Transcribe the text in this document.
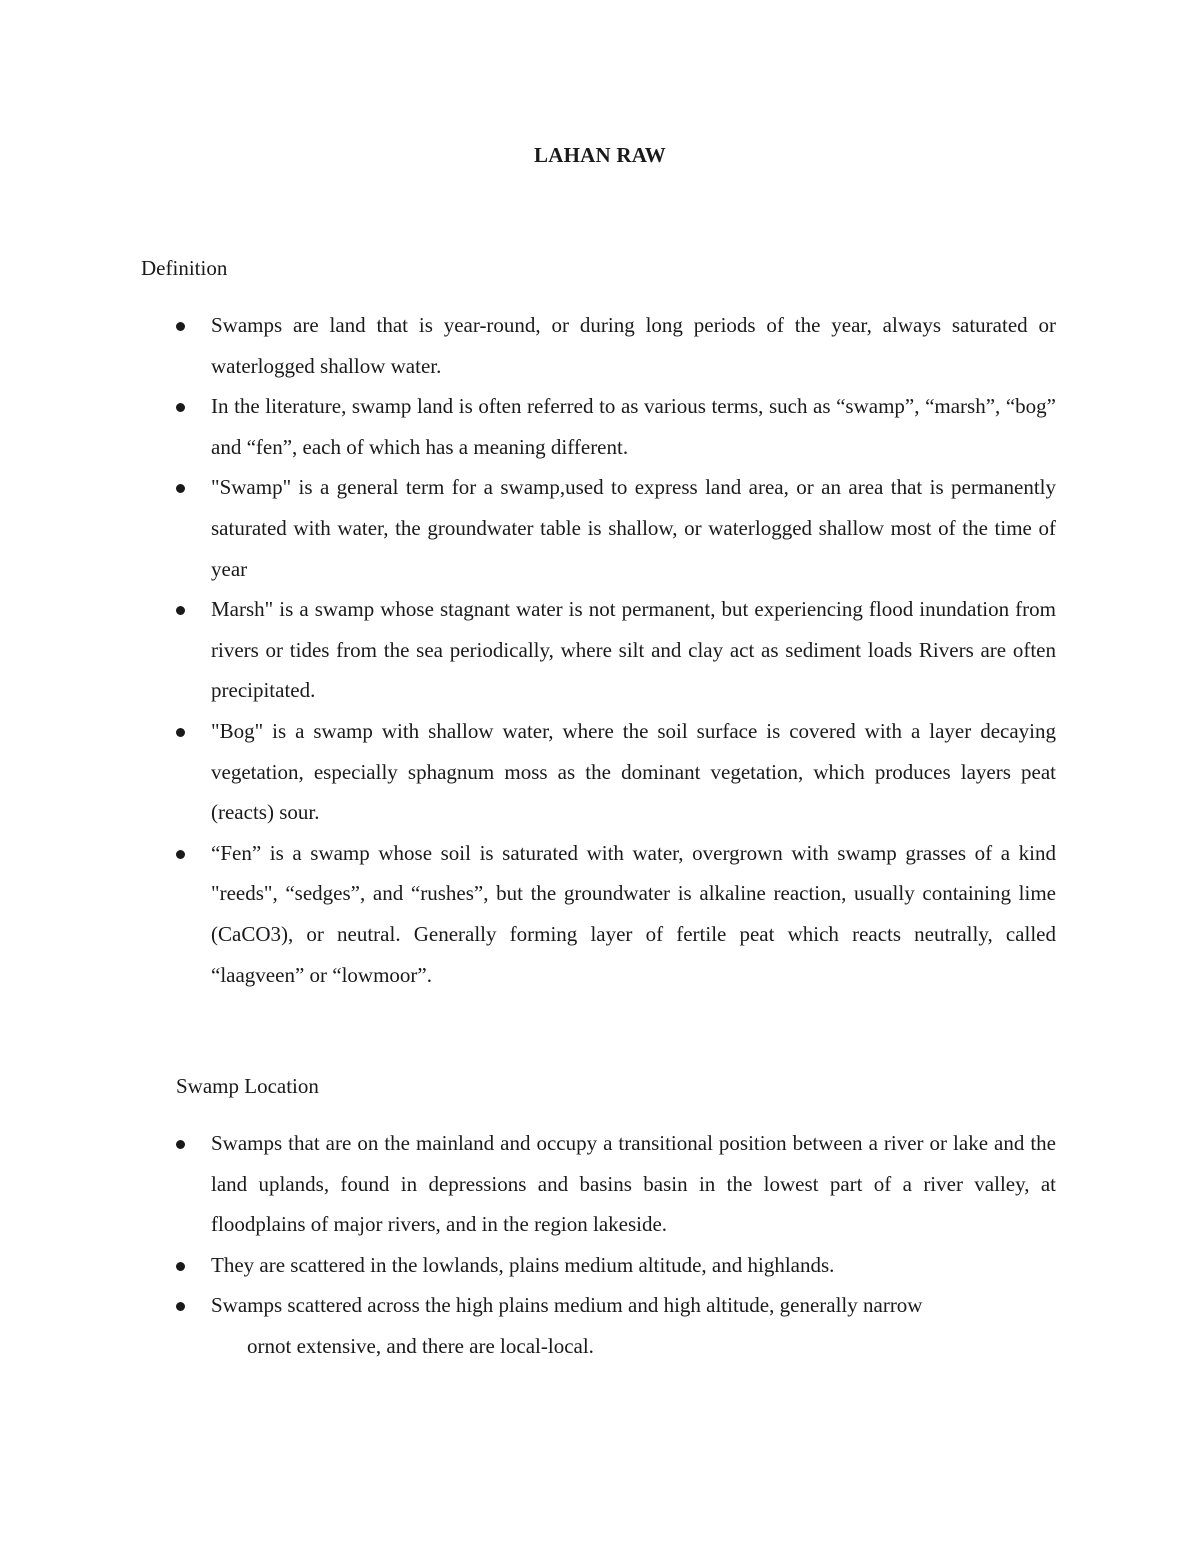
LAHAN RAW
Definition
Swamps are land that is year-round, or during long periods of the year, always saturated or waterlogged shallow water.
In the literature, swamp land is often referred to as various terms, such as “swamp”, “marsh”, “bog” and “fen”, each of which has a meaning different.
"Swamp" is a general term for a swamp,used to express land area, or an area that is permanently saturated with water, the groundwater table is shallow, or waterlogged shallow most of the time of year
Marsh" is a swamp whose stagnant water is not permanent, but experiencing flood inundation from rivers or tides from the sea periodically, where silt and clay act as sediment loads Rivers are often precipitated.
"Bog" is a swamp with shallow water, where the soil surface is covered with a layer decaying vegetation, especially sphagnum moss as the dominant vegetation, which produces layers peat (reacts) sour.
“Fen” is a swamp whose soil is saturated with water, overgrown with swamp grasses of a kind "reeds", “sedges”, and “rushes”, but the groundwater is alkaline reaction, usually containing lime (CaCO3), or neutral. Generally forming layer of fertile peat which reacts neutrally, called “laagveen” or “lowmoor”.
Swamp Location
Swamps that are on the mainland and occupy a transitional position between a river or lake and the land uplands, found in depressions and basins basin in the lowest part of a river valley, at floodplains of major rivers, and in the region lakeside.
They are scattered in the lowlands, plains medium altitude, and highlands.
Swamps scattered across the high plains medium and high altitude, generally narrow
ornot extensive, and there are local-local.
